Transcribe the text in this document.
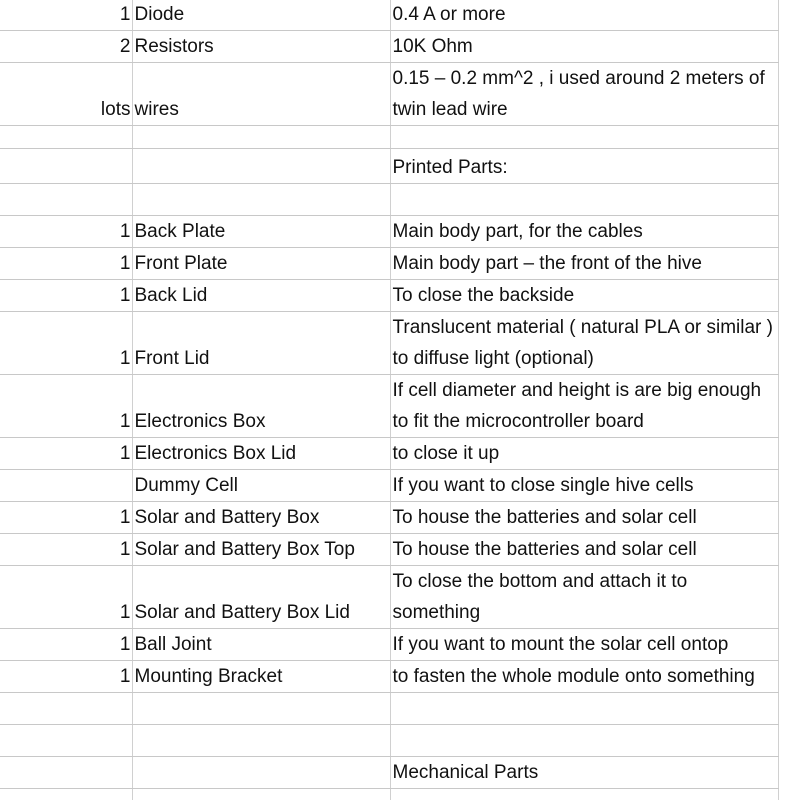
1	Diode	0.4 A or more
2	Resistors	10K Ohm
lots	wires	0.15 – 0.2 mm^2 , i used around 2 meters of twin lead wire

		Printed Parts:

1	Back Plate	Main body part, for the cables
1	Front Plate	Main body part – the front of the hive
1	Back Lid	To close the backside
1	Front Lid	Translucent material ( natural PLA or similar ) to diffuse light (optional)
1	Electronics Box	If cell diameter and height is are big enough to fit the microcontroller board
1	Electronics Box Lid	to close it up
	Dummy Cell	If you want to close single hive cells
1	Solar and Battery Box	To house the batteries and solar cell
1	Solar and Battery Box Top	To house the batteries and solar cell
1	Solar and Battery Box Lid	To close the bottom and attach it to something
1	Ball Joint	If you want to mount the solar cell ontop
1	Mounting Bracket	to fasten the whole module onto something

		Mechanical Parts
